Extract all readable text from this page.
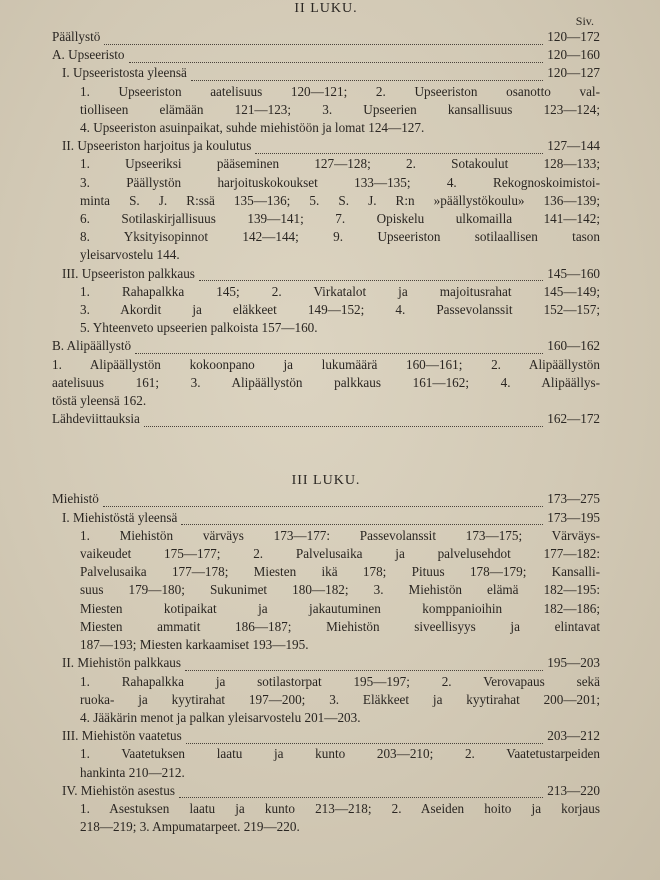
II LUKU.
Siv.
Päällystö	120—172
A. Upseeristo	120—160
I. Upseeristosta yleensä	120—127
1. Upseeriston aatelisuus 120—121; 2. Upseeriston osanotto val-
tiolliseen elämään 121—123; 3. Upseerien kansallisuus 123—124;
4. Upseeriston asuinpaikat, suhde miehistöön ja lomat 124—127.
II. Upseeriston harjoitus ja koulutus	127—144
1. Upseeriksi pääseminen 127—128; 2. Sotakoulut 128—133;
3. Päällystön harjoituskokoukset 133—135; 4. Rekognoskoimistoi-
minta S. J. R:ssä 135—136; 5. S. J. R:n »päällystökoulu» 136—139;
6. Sotilaskirjallisuus 139—141; 7. Opiskelu ulkomailla 141—142;
8. Yksityisopinnot 142—144; 9. Upseeriston sotilaallisen tason
yleisarvostelu 144.
III. Upseeriston palkkaus	145—160
1. Rahapalkka 145; 2. Virkatalot ja majoitusrahat 145—149;
3. Akordit ja eläkkeet 149—152; 4. Passevolanssit 152—157;
5. Yhteenveto upseerien palkoista 157—160.
B. Alipäällystö	160—162
1. Alipäällystön kokoonpano ja lukumäärä 160—161; 2. Alipäällystön
aatelisuus 161; 3. Alipäällystön palkkaus 161—162; 4. Alipäällys-
töstä yleensä 162.
Lähdeviittauksia	162—172
III LUKU.
Miehistö	173—275
I. Miehistöstä yleensä	173—195
1. Miehistön värväys 173—177: Passevolanssit 173—175; Värväys-
vaikeudet 175—177; 2. Palvelusaika ja palvelusehdot 177—182:
Palvelusaika 177—178; Miesten ikä 178; Pituus 178—179; Kansalli-
suus 179—180; Sukunimet 180—182; 3. Miehistön elämä 182—195:
Miesten kotipaikat ja jakautuminen komppanioihin 182—186;
Miesten ammatit 186—187; Miehistön siveellisyys ja elintavat
187—193; Miesten karkaamiset 193—195.
II. Miehistön palkkaus	195—203
1. Rahapalkka ja sotilastorpat 195—197; 2. Verovapaus sekä
ruoka- ja kyytirahat 197—200; 3. Eläkkeet ja kyytirahat 200—201;
4. Jääkärin menot ja palkan yleisarvostelu 201—203.
III. Miehistön vaatetus	203—212
1. Vaatetuksen laatu ja kunto 203—210; 2. Vaatetustarpeiden
hankinta 210—212.
IV. Miehistön asestus	213—220
1. Asestuksen laatu ja kunto 213—218; 2. Aseiden hoito ja korjaus
218—219; 3. Ampumatarpeet. 219—220.
